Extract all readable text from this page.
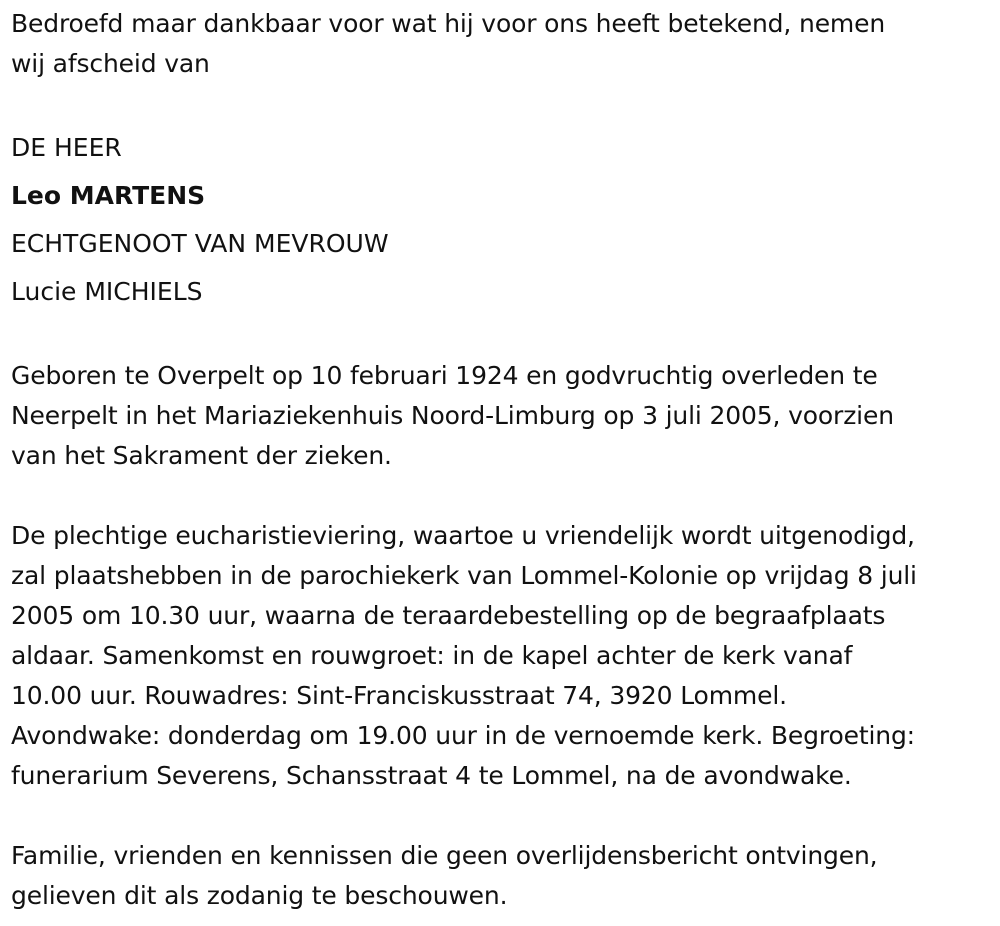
Bedroefd maar dankbaar voor wat hij voor ons heeft betekend, nemen
wij afscheid van

DE HEER
Leo MARTENS
ECHTGENOOT VAN MEVROUW
Lucie MICHIELS

Geboren te Overpelt op 10 februari 1924 en godvruchtig overleden te
Neerpelt in het Mariaziekenhuis Noord-Limburg op 3 juli 2005, voorzien
van het Sakrament der zieken.

De plechtige eucharistieviering, waartoe u vriendelijk wordt uitgenodigd,
zal plaatshebben in de parochiekerk van Lommel-Kolonie op vrijdag 8 juli
2005 om 10.30 uur, waarna de teraardebestelling op de begraafplaats
aldaar. Samenkomst en rouwgroet: in de kapel achter de kerk vanaf
10.00 uur. Rouwadres: Sint-Franciskusstraat 74, 3920 Lommel.
Avondwake: donderdag om 19.00 uur in de vernoemde kerk. Begroeting:
funerarium Severens, Schansstraat 4 te Lommel, na de avondwake.

Familie, vrienden en kennissen die geen overlijdensbericht ontvingen,
gelieven dit als zodanig te beschouwen.
